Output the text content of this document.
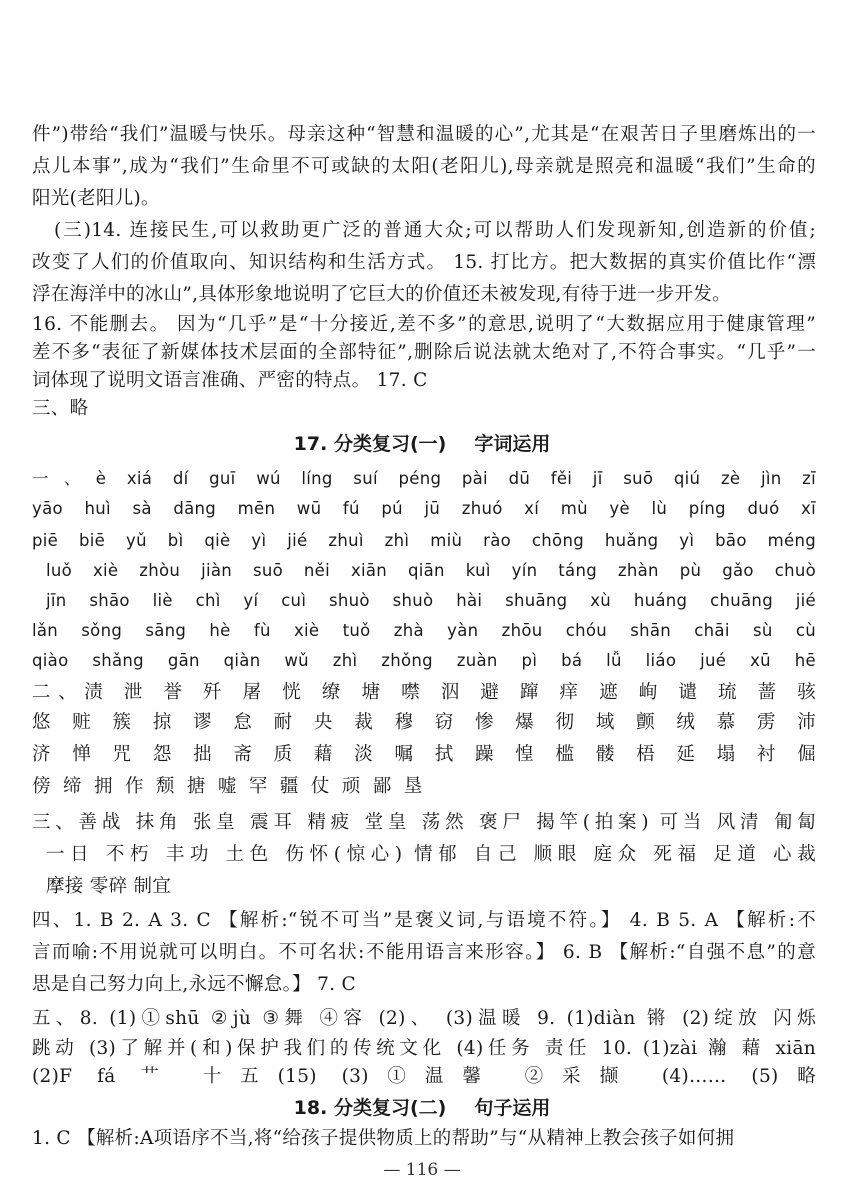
件”)带给“我们”温暖与快乐。母亲这种“智慧和温暖的心”,尤其是“在艰苦日子里磨炼出的一
点儿本事”,成为“我们”生命里不可或缺的太阳(老阳儿),母亲就是照亮和温暖“我们”生命的
阳光(老阳儿)。
(三)14. 连接民生,可以救助更广泛的普通大众;可以帮助人们发现新知,创造新的价值;
改变了人们的价值取向、知识结构和生活方式。 15. 打比方。把大数据的真实价值比作“漂
浮在海洋中的冰山”,具体形象地说明了它巨大的价值还未被发现,有待于进一步开发。
16. 不能删去。 因为“几乎”是“十分接近,差不多”的意思,说明了“大数据应用于健康管理”
差不多“表征了新媒体技术层面的全部特征”,删除后说法就太绝对了,不符合事实。“几乎”一
词体现了说明文语言准确、严密的特点。 17. C
三、略
17. 分类复习(一) 字词运用
一、è xiá dí guī wú líng suí péng pài dū fěi jī suō qiú zè jìn zī
yāo huì sà dāng mēn wū fú pú jū zhuó xí mù yè lù píng duó xī
piē biē yǔ bì qiè yì jié zhuì zhì miù rào chōng huǎng yì bāo méng
luǒ xiè zhòu jiàn suō něi xiān qiān kuì yín táng zhàn pù gǎo chuò
jīn shāo liè chì yí cuì shuò shuò hài shuāng xù huáng chuāng jié
lǎn sǒng sāng hè fù xiè tuǒ zhà yàn zhōu chóu shān chāi sù cù
qiào shǎng gān qiàn wǔ zhì zhǒng zuàn pì bá lǚ liáo jué xū hē
二、渍 泄 誉 歼 屠 恍 缭 塘 噤 泅 避 蹿 痒 遮 峋 谴 琉 蔷 骇
悠 赃 簇 掠 谬 怠 耐 央 裁 穆 窃 惨 爆 彻 域 颤 绒 慕 雳 沛
济 惮 咒 怨 拙 斋 质 藉 淡 嘱 拭 躁 惶 槛 髅 梧 延 塌 衬 倔
傍 缔 拥 作 颓 搪 嘘 罕 疆 仗 顽 鄙 垦
三、善战 抹角 张皇 震耳 精疲 堂皇 荡然 褒尸 揭竿(拍案) 可当 风清 匍匐
一日 不朽 丰功 土色 伤怀(惊心) 情郁 自己 顺眼 庭众 死福 足道 心裁
摩接 零碎 制宜
四、1. B 2. A 3. C 【解析:“锐不可当”是褒义词,与语境不符。】 4. B 5. A 【解析:不
言而喻:不用说就可以明白。不可名状:不能用语言来形容。】 6. B 【解析:“自强不息”的意
思是自己努力向上,永远不懈怠。】 7. C
五、8. (1)①shū ②jù ③舞 ④容 (2)、 (3)温暖 9. (1)diàn 锵 (2)绽放 闪烁
— 116 —
跳动 (3)了解并(和)保护我们的传统文化 (4)任务 责任 10. (1)zài 瀚 藉 xiān
(2)F fá 艹 十五(15) (3)①温馨 ②采撷 (4)…… (5)略
1. C 【解析:A项语序不当,将“给孩子提供物质上的帮助”与“从精神上教会孩子如何拥
18. 分类复习(二) 句子运用
